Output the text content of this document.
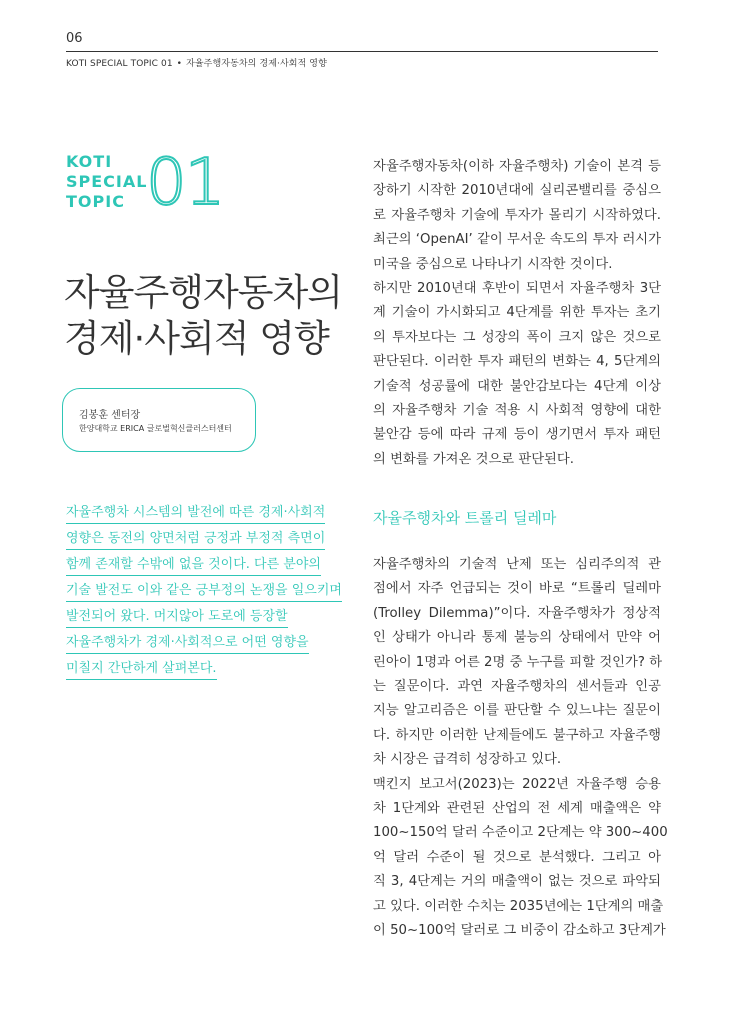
06
KOTI SPECIAL TOPIC 01 • 자율주행자동차의 경제·사회적 영향
KOTI
SPECIAL
TOPIC 01
자율주행자동차의
경제·사회적 영향
김봉훈 센터장
한양대학교 ERICA 글로벌혁신클러스터센터
자율주행차 시스템의 발전에 따른 경제·사회적
영향은 동전의 양면처럼 긍정과 부정적 측면이
함께 존재할 수밖에 없을 것이다. 다른 분야의
기술 발전도 이와 같은 긍부정의 논쟁을 일으키며
발전되어 왔다. 머지않아 도로에 등장할
자율주행차가 경제·사회적으로 어떤 영향을
미칠지 간단하게 살펴본다.
자율주행자동차(이하 자율주행차) 기술이 본격 등
장하기 시작한 2010년대에 실리콘밸리를 중심으
로 자율주행차 기술에 투자가 몰리기 시작하였다.
최근의 ‘OpenAI’ 같이 무서운 속도의 투자 러시가
미국을 중심으로 나타나기 시작한 것이다.
하지만 2010년대 후반이 되면서 자율주행차 3단
계 기술이 가시화되고 4단계를 위한 투자는 초기
의 투자보다는 그 성장의 폭이 크지 않은 것으로
판단된다. 이러한 투자 패턴의 변화는 4, 5단계의
기술적 성공률에 대한 불안감보다는 4단계 이상
의 자율주행차 기술 적용 시 사회적 영향에 대한
불안감 등에 따라 규제 등이 생기면서 투자 패턴
의 변화를 가져온 것으로 판단된다.
자율주행차와 트롤리 딜레마
자율주행차의 기술적 난제 또는 심리주의적 관
점에서 자주 언급되는 것이 바로 “트롤리 딜레마
(Trolley Dilemma)”이다. 자율주행차가 정상적
인 상태가 아니라 통제 불능의 상태에서 만약 어
린아이 1명과 어른 2명 중 누구를 피할 것인가? 하
는 질문이다. 과연 자율주행차의 센서들과 인공
지능 알고리즘은 이를 판단할 수 있느냐는 질문이
다. 하지만 이러한 난제들에도 불구하고 자율주행
차 시장은 급격히 성장하고 있다.
맥킨지 보고서(2023)는 2022년 자율주행 승용
차 1단계와 관련된 산업의 전 세계 매출액은 약
100~150억 달러 수준이고 2단계는 약 300~400
억 달러 수준이 될 것으로 분석했다. 그리고 아
직 3, 4단계는 거의 매출액이 없는 것으로 파악되
고 있다. 이러한 수치는 2035년에는 1단계의 매출
이 50~100억 달러로 그 비중이 감소하고 3단계가
